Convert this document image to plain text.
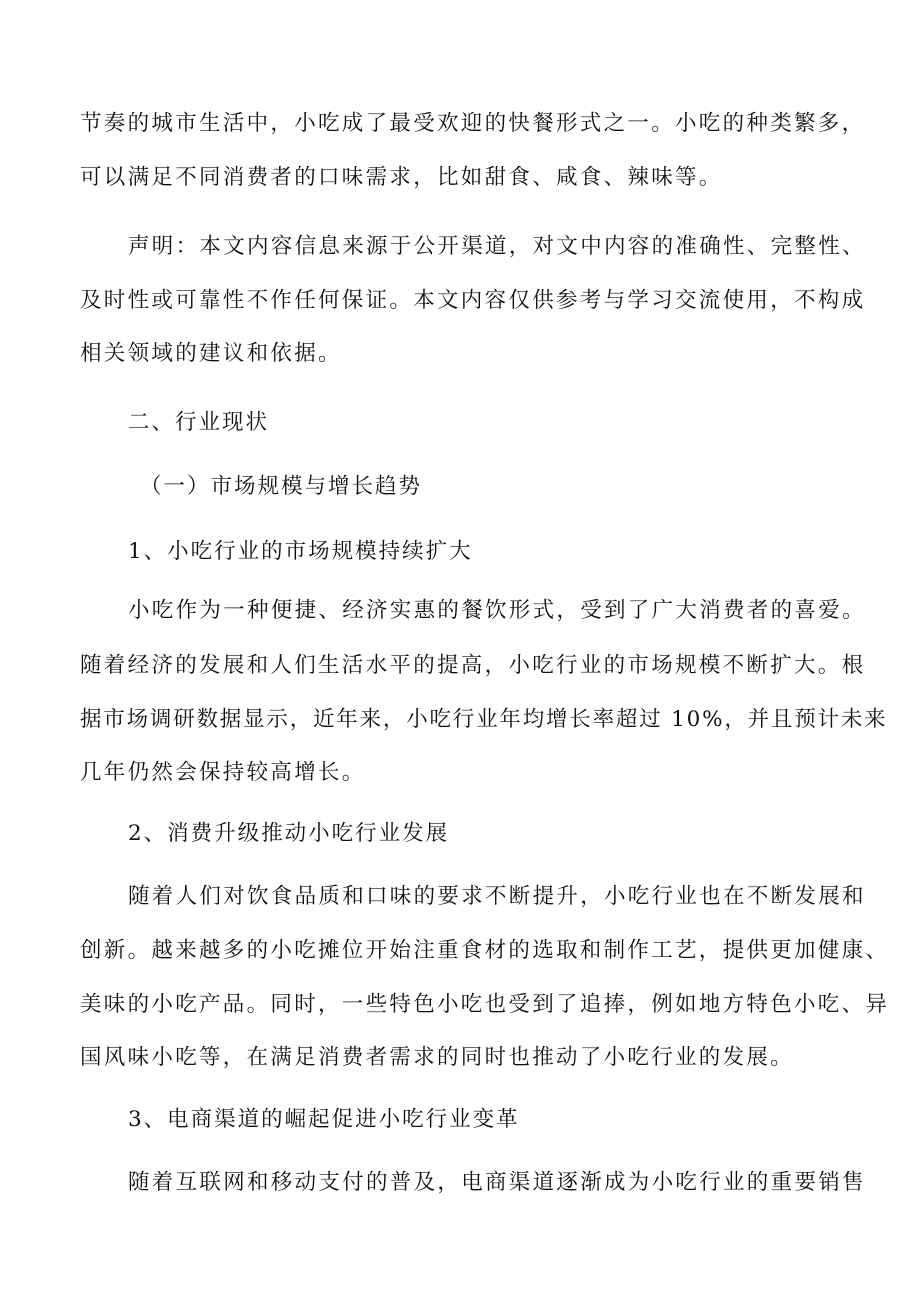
节奏的城市生活中，小吃成了最受欢迎的快餐形式之一。小吃的种类繁多，
可以满足不同消费者的口味需求，比如甜食、咸食、辣味等。
声明：本文内容信息来源于公开渠道，对文中内容的准确性、完整性、
及时性或可靠性不作任何保证。本文内容仅供参考与学习交流使用，不构成
相关领域的建议和依据。
二、行业现状
（一）市场规模与增长趋势
1、小吃行业的市场规模持续扩大
小吃作为一种便捷、经济实惠的餐饮形式，受到了广大消费者的喜爱。
随着经济的发展和人们生活水平的提高，小吃行业的市场规模不断扩大。根
据市场调研数据显示，近年来，小吃行业年均增长率超过 10%，并且预计未来
几年仍然会保持较高增长。
2、消费升级推动小吃行业发展
随着人们对饮食品质和口味的要求不断提升，小吃行业也在不断发展和
创新。越来越多的小吃摊位开始注重食材的选取和制作工艺，提供更加健康、
美味的小吃产品。同时，一些特色小吃也受到了追捧，例如地方特色小吃、异
国风味小吃等，在满足消费者需求的同时也推动了小吃行业的发展。
3、电商渠道的崛起促进小吃行业变革
随着互联网和移动支付的普及，电商渠道逐渐成为小吃行业的重要销售
